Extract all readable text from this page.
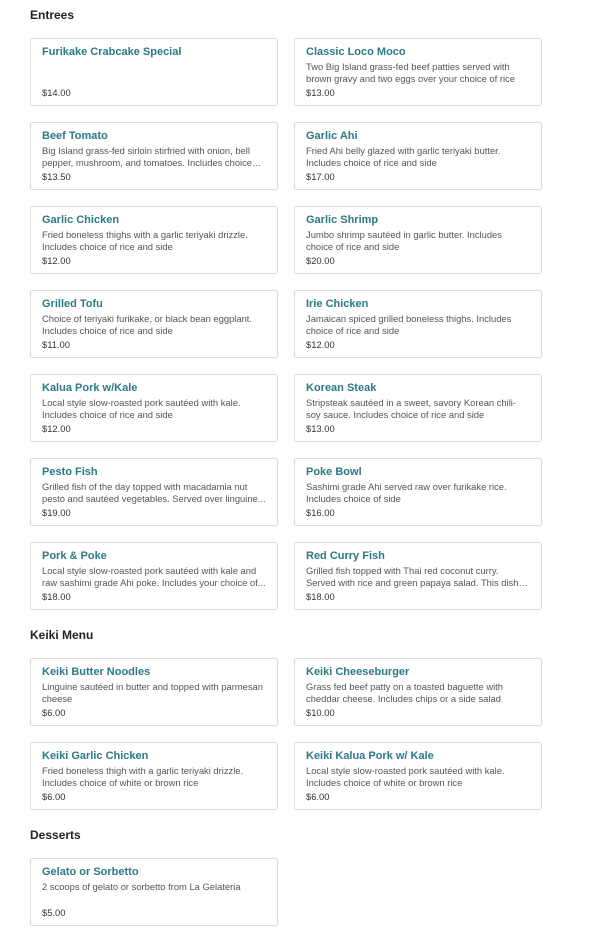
Entrees
Furikake Crabcake Special
$14.00
Classic Loco Moco
Two Big Island grass-fed beef patties served with brown gravy and two eggs over your choice of rice
$13.00
Beef Tomato
Big Island grass-fed sirloin stirfried with onion, bell pepper, mushroom, and tomatoes. Includes choice
$13.50
Garlic Ahi
Fried Ahi belly glazed with garlic teriyaki butter. Includes choice of rice and side
$17.00
Garlic Chicken
Fried boneless thighs with a garlic teriyaki drizzle. Includes choice of rice and side
$12.00
Garlic Shrimp
Jumbo shrimp sautéed in garlic butter. Includes choice of rice and side
$20.00
Grilled Tofu
Choice of teriyaki furikake, or black bean eggplant. Includes choice of rice and side
$11.00
Irie Chicken
Jamaican spiced grilled boneless thighs. Includes choice of rice and side
$12.00
Kalua Pork w/Kale
Local style slow-roasted pork sautéed with kale. Includes choice of rice and side
$12.00
Korean Steak
Stripsteak sautéed in a sweet, savory Korean chili-soy sauce. Includes choice of rice and side
$13.00
Pesto Fish
Grilled fish of the day topped with macadamia nut pesto and sautéed vegetables. Served over linguine...
$19.00
Poke Bowl
Sashimi grade Ahi served raw over furikake rice. Includes choice of side
$16.00
Pork & Poke
Local style slow-roasted pork sautéed with kale and raw sashimi grade Ahi poke. Includes your choice of...
$18.00
Red Curry Fish
Grilled fish topped with Thai red coconut curry. Served with rice and green papaya salad. This dish
$18.00
Keiki Menu
Keiki Butter Noodles
Linguine sautéed in butter and topped with parmesan cheese
$6.00
Keiki Cheeseburger
Grass fed beef patty on a toasted baguette with cheddar cheese. Includes chips or a side salad
$10.00
Keiki Garlic Chicken
Fried boneless thigh with a garlic teriyaki drizzle. Includes choice of white or brown rice
$6.00
Keiki Kalua Pork w/ Kale
Local style slow-roasted pork sautéed with kale. Includes choice of white or brown rice
$6.00
Desserts
Gelato or Sorbetto
2 scoops of gelato or sorbetto from La Gelateria
$5.00
